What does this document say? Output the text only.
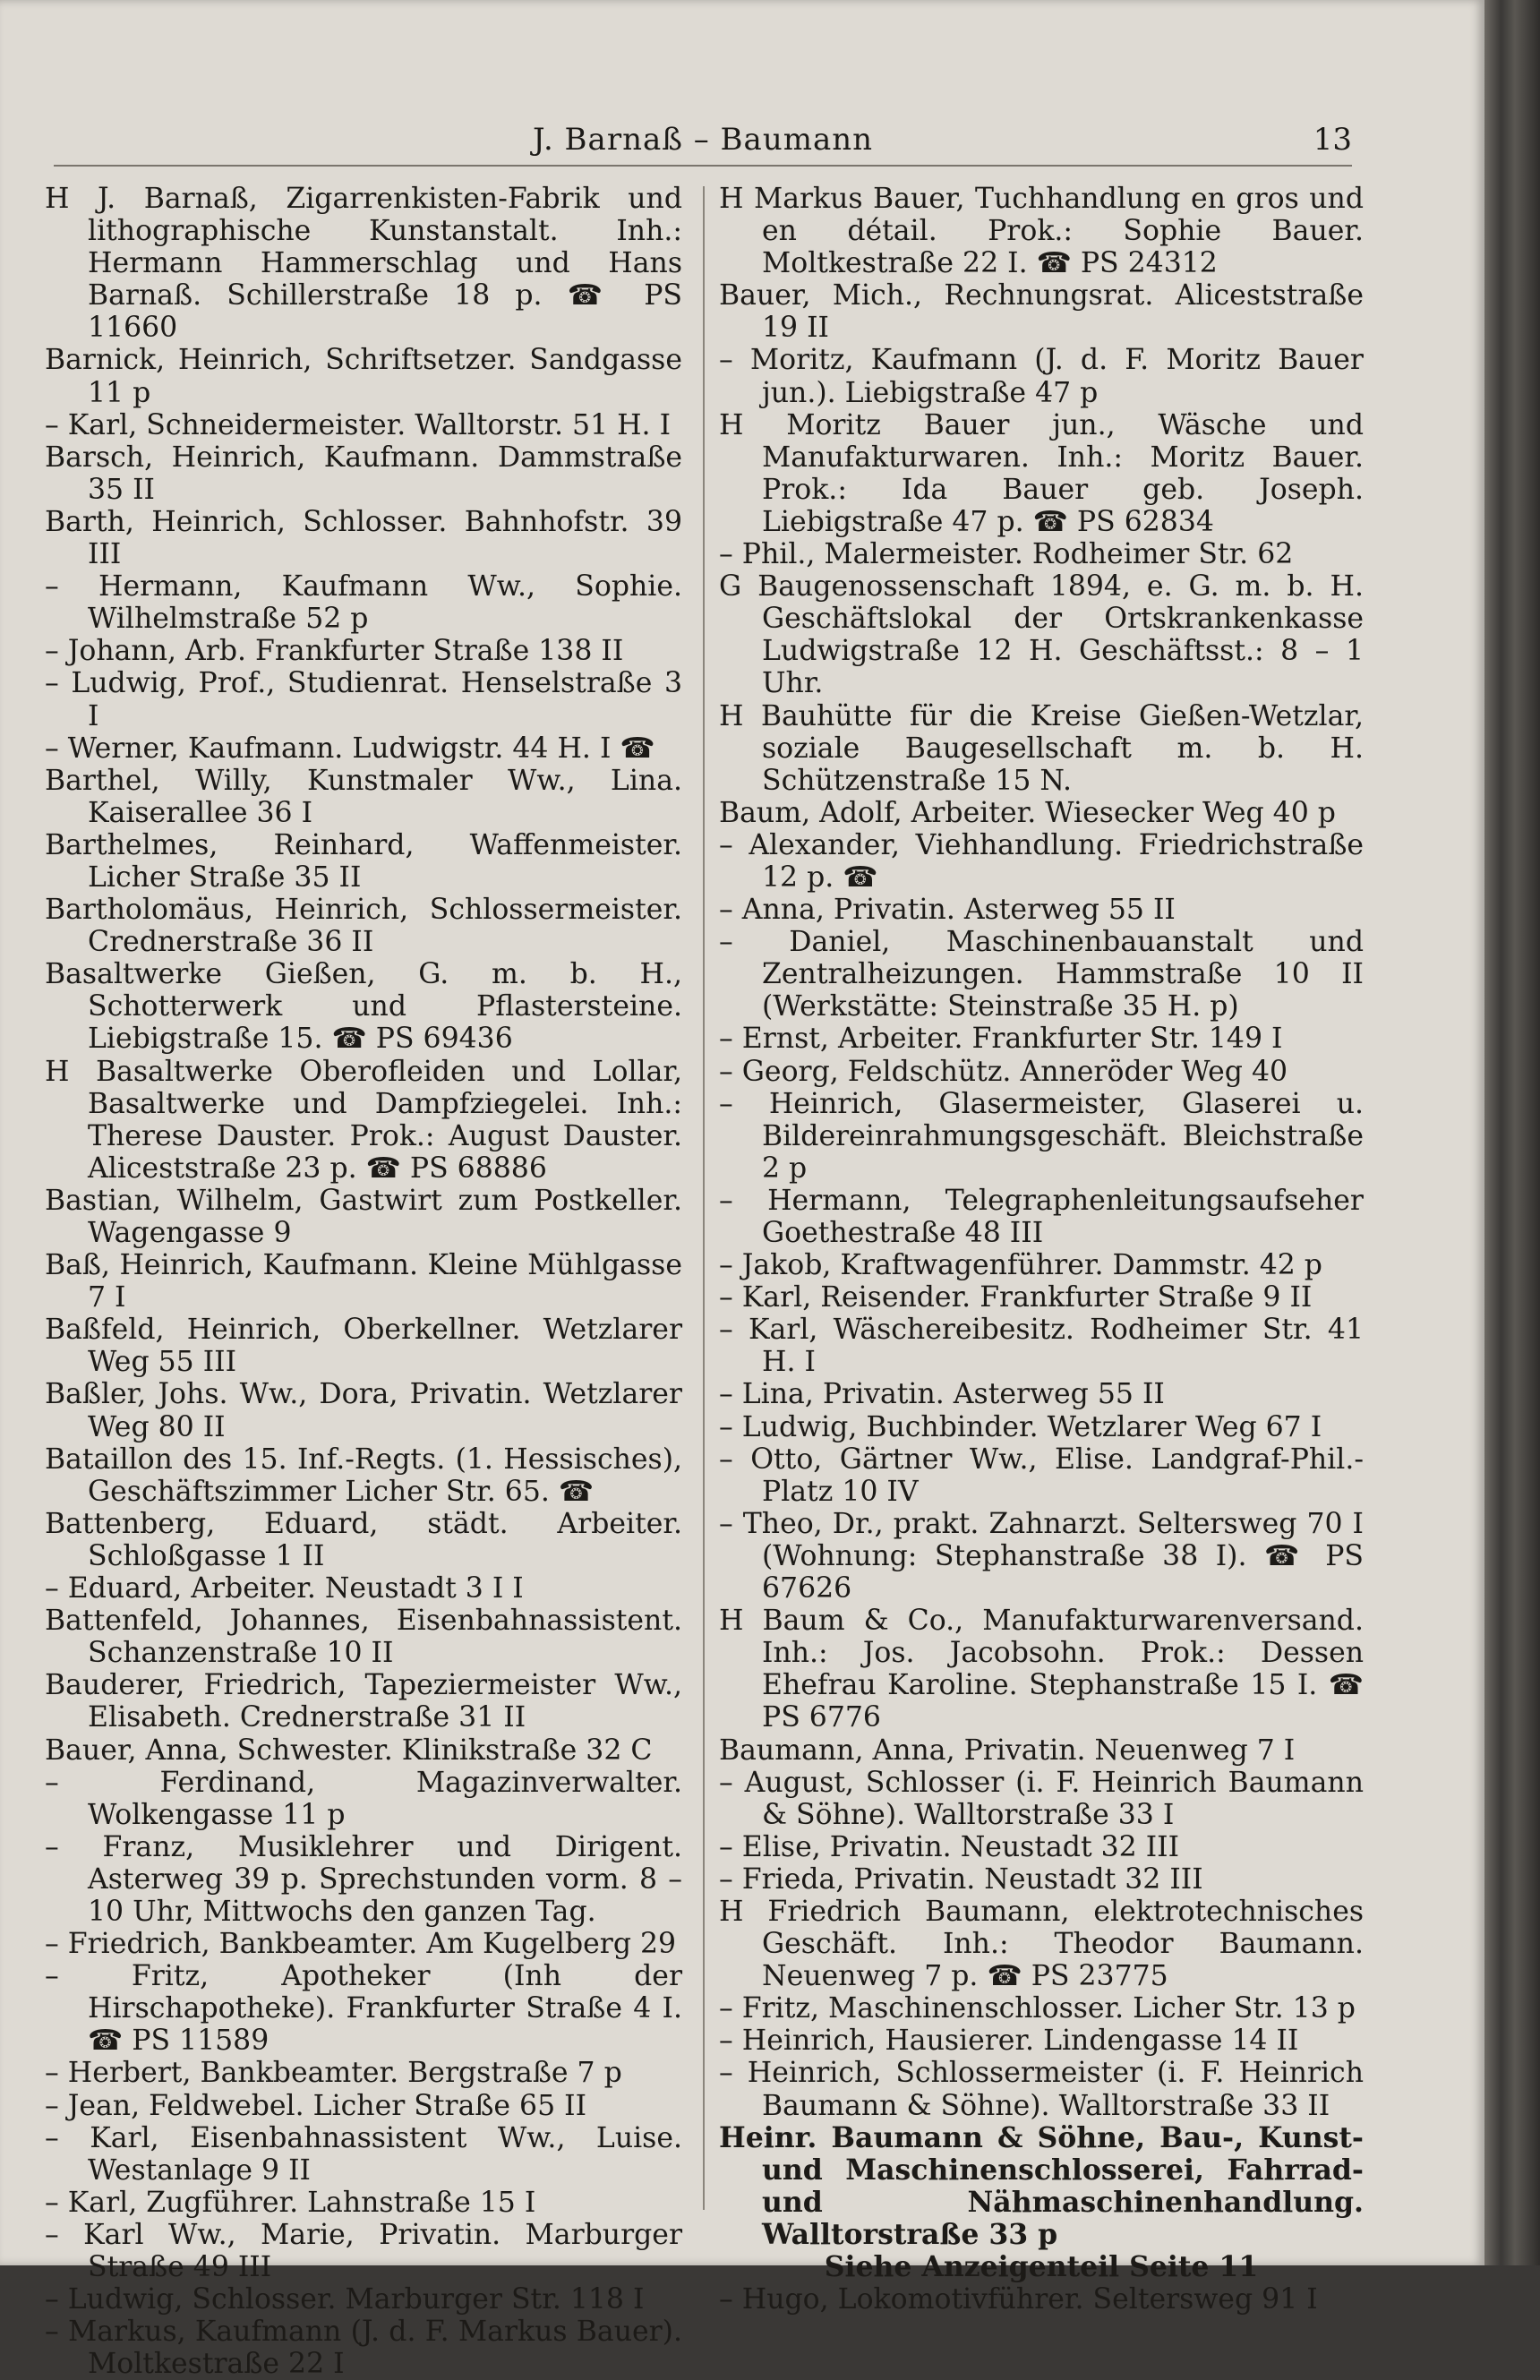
J. Barnaß – Baumann	13

H J. Barnaß, Zigarrenkisten-Fabrik und lithographische Kunstanstalt. Inh.: Hermann Hammerschlag und Hans Barnaß. Schillerstraße 18 p. ☎ PS 11660

Barnick, Heinrich, Schriftsetzer. Sandgasse 11 p

– Karl, Schneidermeister. Walltorstr. 51 H. I

Barsch, Heinrich, Kaufmann. Dammstraße 35 II

Barth, Heinrich, Schlosser. Bahnhofstr. 39 III

– Hermann, Kaufmann Ww., Sophie. Wilhelmstraße 52 p

– Johann, Arb. Frankfurter Straße 138 II

– Ludwig, Prof., Studienrat. Henselstraße 3 I

– Werner, Kaufmann. Ludwigstr. 44 H. I ☎

Barthel, Willy, Kunstmaler Ww., Lina. Kaiserallee 36 I

Barthelmes, Reinhard, Waffenmeister. Licher Straße 35 II

Bartholomäus, Heinrich, Schlossermeister. Crednerstraße 36 II

Basaltwerke Gießen, G. m. b. H., Schotterwerk und Pflastersteine. Liebigstraße 15. ☎ PS 69436

H Basaltwerke Oberofleiden und Lollar, Basaltwerke und Dampfziegelei. Inh.: Therese Dauster. Prok.: August Dauster. Aliceststraße 23 p. ☎ PS 68886

Bastian, Wilhelm, Gastwirt zum Postkeller. Wagengasse 9

Baß, Heinrich, Kaufmann. Kleine Mühlgasse 7 I

Baßfeld, Heinrich, Oberkellner. Wetzlarer Weg 55 III

Baßler, Johs. Ww., Dora, Privatin. Wetzlarer Weg 80 II

Bataillon des 15. Inf.-Regts. (1. Hessisches), Geschäftszimmer Licher Str. 65. ☎

Battenberg, Eduard, städt. Arbeiter. Schloßgasse 1 II

– Eduard, Arbeiter. Neustadt 3 I I

Battenfeld, Johannes, Eisenbahnassistent. Schanzenstraße 10 II

Bauderer, Friedrich, Tapeziermeister Ww., Elisabeth. Crednerstraße 31 II

Bauer, Anna, Schwester. Klinikstraße 32 C

– Ferdinand, Magazinverwalter. Wolkengasse 11 p

– Franz, Musiklehrer und Dirigent. Asterweg 39 p. Sprechstunden vorm. 8 – 10 Uhr, Mittwochs den ganzen Tag.

– Friedrich, Bankbeamter. Am Kugelberg 29

– Fritz, Apotheker (Inh der Hirschapotheke). Frankfurter Straße 4 I. ☎ PS 11589

– Herbert, Bankbeamter. Bergstraße 7 p

– Jean, Feldwebel. Licher Straße 65 II

– Karl, Eisenbahnassistent Ww., Luise. Westanlage 9 II

– Karl, Zugführer. Lahnstraße 15 I

– Karl Ww., Marie, Privatin. Marburger Straße 49 III

– Ludwig, Schlosser. Marburger Str. 118 I

– Markus, Kaufmann (J. d. F. Markus Bauer). Moltkestraße 22 I

H Markus Bauer, Tuchhandlung en gros und en détail. Prok.: Sophie Bauer. Moltkestraße 22 I. ☎ PS 24312

Bauer, Mich., Rechnungsrat. Aliceststraße 19 II

– Moritz, Kaufmann (J. d. F. Moritz Bauer jun.). Liebigstraße 47 p

H Moritz Bauer jun., Wäsche und Manufakturwaren. Inh.: Moritz Bauer. Prok.: Ida Bauer geb. Joseph. Liebigstraße 47 p. ☎ PS 62834

– Phil., Malermeister. Rodheimer Str. 62

G Baugenossenschaft 1894, e. G. m. b. H. Geschäftslokal der Ortskrankenkasse Ludwigstraße 12 H. Geschäftsst.: 8 – 1 Uhr.

H Bauhütte für die Kreise Gießen-Wetzlar, soziale Baugesellschaft m. b. H. Schützenstraße 15 N.

Baum, Adolf, Arbeiter. Wiesecker Weg 40 p

– Alexander, Viehhandlung. Friedrichstraße 12 p. ☎

– Anna, Privatin. Asterweg 55 II

– Daniel, Maschinenbauanstalt und Zentralheizungen. Hammstraße 10 II (Werkstätte: Steinstraße 35 H. p)

– Ernst, Arbeiter. Frankfurter Str. 149 I

– Georg, Feldschütz. Anneröder Weg 40

– Heinrich, Glasermeister, Glaserei u. Bildereinrahmungsgeschäft. Bleichstraße 2 p

– Hermann, Telegraphenleitungsaufseher Goethestraße 48 III

– Jakob, Kraftwagenführer. Dammstr. 42 p

– Karl, Reisender. Frankfurter Straße 9 II

– Karl, Wäschereibesitz. Rodheimer Str. 41 H. I

– Lina, Privatin. Asterweg 55 II

– Ludwig, Buchbinder. Wetzlarer Weg 67 I

– Otto, Gärtner Ww., Elise. Landgraf-Phil.-Platz 10 IV

– Theo, Dr., prakt. Zahnarzt. Seltersweg 70 I (Wohnung: Stephanstraße 38 I). ☎ PS 67626

H Baum & Co., Manufakturwarenversand. Inh.: Jos. Jacobsohn. Prok.: Dessen Ehefrau Karoline. Stephanstraße 15 I. ☎ PS 6776

Baumann, Anna, Privatin. Neuenweg 7 I

– August, Schlosser (i. F. Heinrich Baumann & Söhne). Walltorstraße 33 I

– Elise, Privatin. Neustadt 32 III

– Frieda, Privatin. Neustadt 32 III

H Friedrich Baumann, elektrotechnisches Geschäft. Inh.: Theodor Baumann. Neuenweg 7 p. ☎ PS 23775

– Fritz, Maschinenschlosser. Licher Str. 13 p

– Heinrich, Hausierer. Lindengasse 14 II

– Heinrich, Schlossermeister (i. F. Heinrich Baumann & Söhne). Walltorstraße 33 II

Heinr. Baumann & Söhne, Bau-, Kunst- und Maschinenschlosserei, Fahrrad- und Nähmaschinenhandlung. Walltorstraße 33 p

Siehe Anzeigenteil Seite 11

– Hugo, Lokomotivführer. Seltersweg 91 I
